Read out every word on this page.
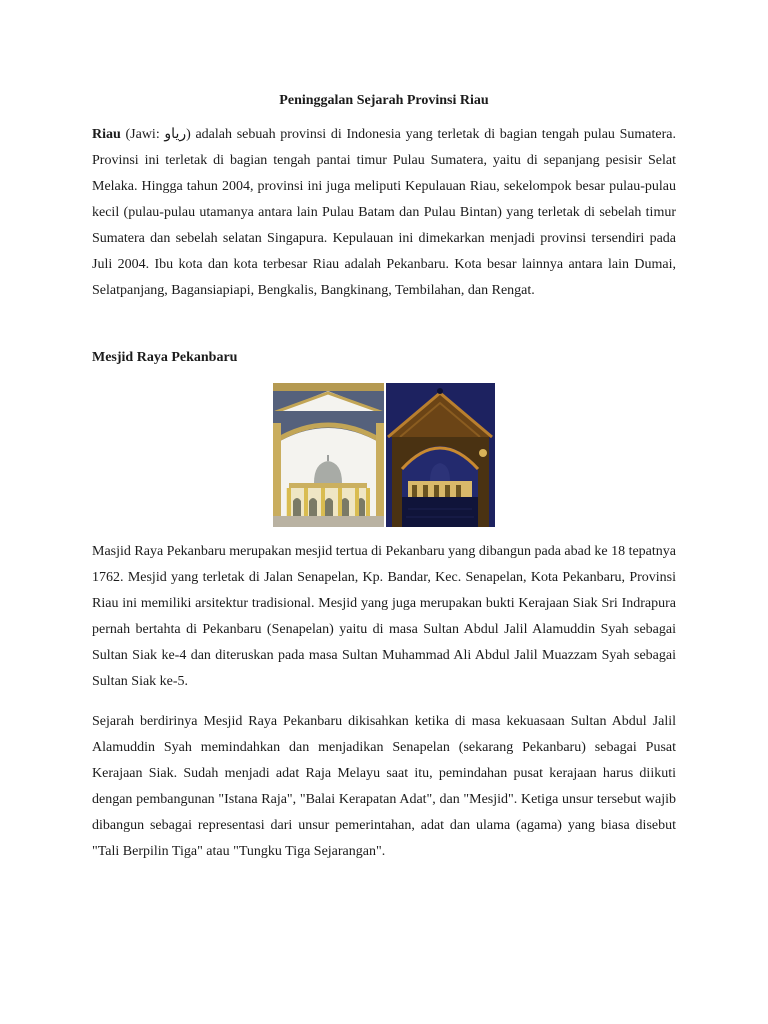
Peninggalan Sejarah Provinsi Riau
Riau (Jawi: رياو) adalah sebuah provinsi di Indonesia yang terletak di bagian tengah pulau Sumatera. Provinsi ini terletak di bagian tengah pantai timur Pulau Sumatera, yaitu di sepanjang pesisir Selat Melaka. Hingga tahun 2004, provinsi ini juga meliputi Kepulauan Riau, sekelompok besar pulau-pulau kecil (pulau-pulau utamanya antara lain Pulau Batam dan Pulau Bintan) yang terletak di sebelah timur Sumatera dan sebelah selatan Singapura. Kepulauan ini dimekarkan menjadi provinsi tersendiri pada Juli 2004. Ibu kota dan kota terbesar Riau adalah Pekanbaru. Kota besar lainnya antara lain Dumai, Selatpanjang, Bagansiapiapi, Bengkalis, Bangkinang, Tembilahan, dan Rengat.
Mesjid Raya Pekanbaru
Masjid Raya Pekanbaru merupakan mesjid tertua di Pekanbaru yang dibangun pada abad ke 18 tepatnya 1762. Mesjid yang terletak di Jalan Senapelan, Kp. Bandar, Kec. Senapelan, Kota Pekanbaru, Provinsi Riau ini memiliki arsitektur tradisional. Mesjid yang juga merupakan bukti Kerajaan Siak Sri Indrapura pernah bertahta di Pekanbaru (Senapelan) yaitu di masa Sultan Abdul Jalil Alamuddin Syah sebagai Sultan Siak ke-4 dan diteruskan pada masa Sultan Muhammad Ali Abdul Jalil Muazzam Syah sebagai Sultan Siak ke-5.
Sejarah berdirinya Mesjid Raya Pekanbaru dikisahkan ketika di masa kekuasaan Sultan Abdul Jalil Alamuddin Syah memindahkan dan menjadikan Senapelan (sekarang Pekanbaru) sebagai Pusat Kerajaan Siak. Sudah menjadi adat Raja Melayu saat itu, pemindahan pusat kerajaan harus diikuti dengan pembangunan "Istana Raja", "Balai Kerapatan Adat", dan "Mesjid". Ketiga unsur tersebut wajib dibangun sebagai representasi dari unsur pemerintahan, adat dan ulama (agama) yang biasa disebut "Tali Berpilin Tiga" atau "Tungku Tiga Sejarangan".
